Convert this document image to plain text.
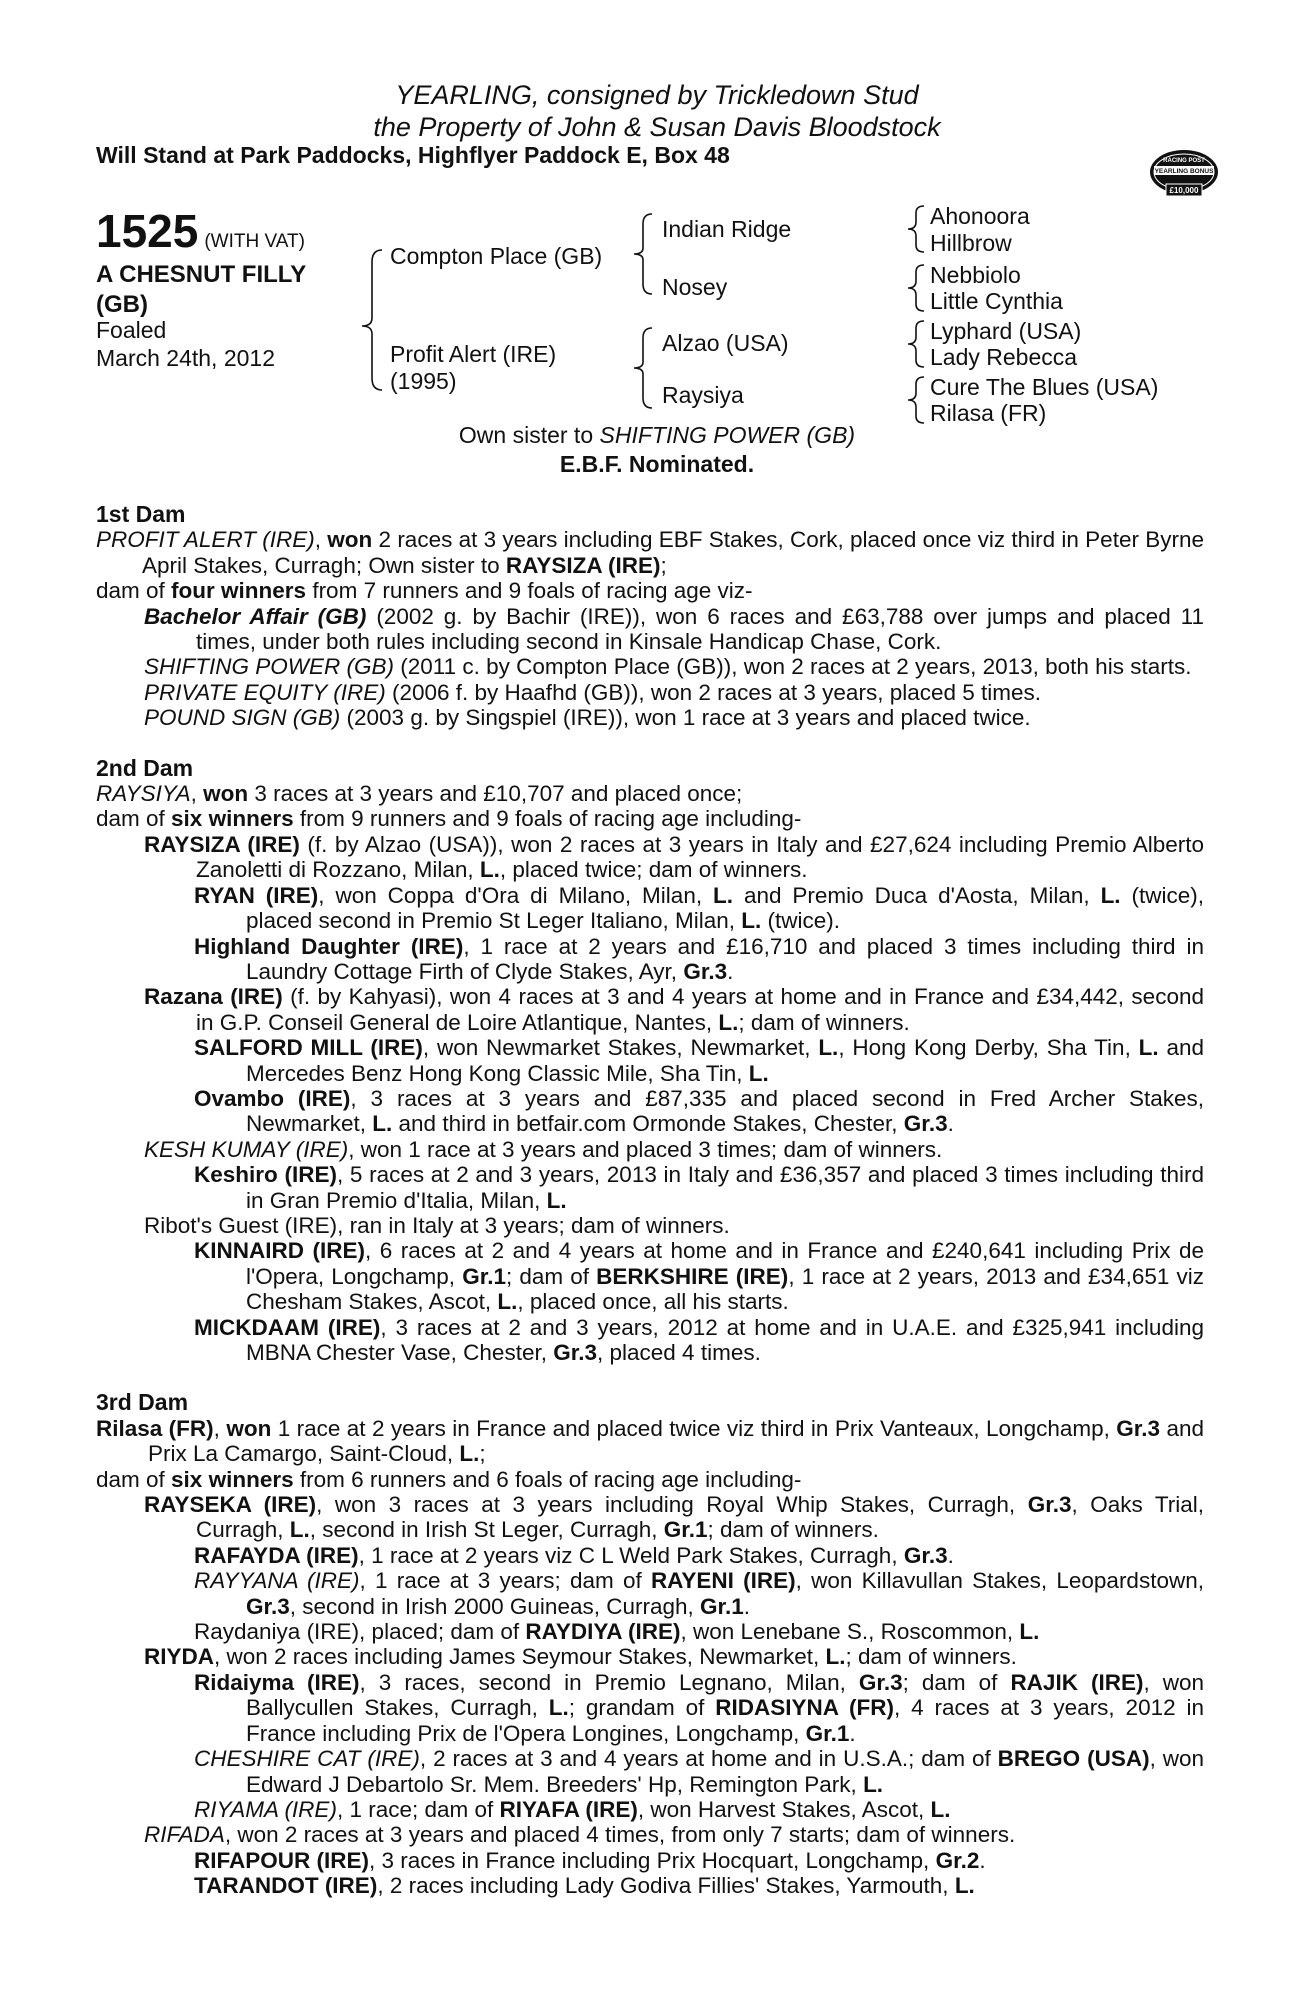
YEARLING, consigned by Trickledown Stud
the Property of John & Susan Davis Bloodstock
Will Stand at Park Paddocks, Highflyer Paddock E, Box 48	RACING POST
YEARLING BONUS
£10,000
1525 (WITH VAT)
A CHESNUT FILLY
(GB)
Foaled
March 24th, 2012
Compton Place (GB)
Profit Alert (IRE)
(1995)
Indian Ridge
Nosey
Alzao (USA)
Raysiya
Ahonoora
Hillbrow
Nebbiolo
Little Cynthia
Lyphard (USA)
Lady Rebecca
Cure The Blues (USA)
Rilasa (FR)
Own sister to SHIFTING POWER (GB)
E.B.F. Nominated.
1st Dam

PROFIT ALERT (IRE), won 2 races at 3 years including EBF Stakes, Cork, placed once viz third in Peter Byrne April Stakes, Curragh; Own sister to RAYSIZA (IRE);

dam of four winners from 7 runners and 9 foals of racing age viz-

Bachelor Affair (GB) (2002 g. by Bachir (IRE)), won 6 races and £63,788 over jumps and placed 11 times, under both rules including second in Kinsale Handicap Chase, Cork.

SHIFTING POWER (GB) (2011 c. by Compton Place (GB)), won 2 races at 2 years, 2013, both his starts.

PRIVATE EQUITY (IRE) (2006 f. by Haafhd (GB)), won 2 races at 3 years, placed 5 times.

POUND SIGN (GB) (2003 g. by Singspiel (IRE)), won 1 race at 3 years and placed twice.

2nd Dam

RAYSIYA, won 3 races at 3 years and £10,707 and placed once;

dam of six winners from 9 runners and 9 foals of racing age including-

RAYSIZA (IRE) (f. by Alzao (USA)), won 2 races at 3 years in Italy and £27,624 including Premio Alberto Zanoletti di Rozzano, Milan, L., placed twice; dam of winners.

RYAN (IRE), won Coppa d'Ora di Milano, Milan, L. and Premio Duca d'Aosta, Milan, L. (twice), placed second in Premio St Leger Italiano, Milan, L. (twice).

Highland Daughter (IRE), 1 race at 2 years and £16,710 and placed 3 times including third in Laundry Cottage Firth of Clyde Stakes, Ayr, Gr.3.

Razana (IRE) (f. by Kahyasi), won 4 races at 3 and 4 years at home and in France and £34,442, second in G.P. Conseil General de Loire Atlantique, Nantes, L.; dam of winners.

SALFORD MILL (IRE), won Newmarket Stakes, Newmarket, L., Hong Kong Derby, Sha Tin, L. and Mercedes Benz Hong Kong Classic Mile, Sha Tin, L.

Ovambo (IRE), 3 races at 3 years and £87,335 and placed second in Fred Archer Stakes, Newmarket, L. and third in betfair.com Ormonde Stakes, Chester, Gr.3.

KESH KUMAY (IRE), won 1 race at 3 years and placed 3 times; dam of winners.

Keshiro (IRE), 5 races at 2 and 3 years, 2013 in Italy and £36,357 and placed 3 times including third in Gran Premio d'Italia, Milan, L.

Ribot's Guest (IRE), ran in Italy at 3 years; dam of winners.

KINNAIRD (IRE), 6 races at 2 and 4 years at home and in France and £240,641 including Prix de l'Opera, Longchamp, Gr.1; dam of BERKSHIRE (IRE), 1 race at 2 years, 2013 and £34,651 viz Chesham Stakes, Ascot, L., placed once, all his starts.

MICKDAAM (IRE), 3 races at 2 and 3 years, 2012 at home and in U.A.E. and £325,941 including MBNA Chester Vase, Chester, Gr.3, placed 4 times.

3rd Dam

Rilasa (FR), won 1 race at 2 years in France and placed twice viz third in Prix Vanteaux, Longchamp, Gr.3 and Prix La Camargo, Saint-Cloud, L.;

dam of six winners from 6 runners and 6 foals of racing age including-

RAYSEKA (IRE), won 3 races at 3 years including Royal Whip Stakes, Curragh, Gr.3, Oaks Trial, Curragh, L., second in Irish St Leger, Curragh, Gr.1; dam of winners.

RAFAYDA (IRE), 1 race at 2 years viz C L Weld Park Stakes, Curragh, Gr.3.

RAYYANA (IRE), 1 race at 3 years; dam of RAYENI (IRE), won Killavullan Stakes, Leopardstown, Gr.3, second in Irish 2000 Guineas, Curragh, Gr.1.

Raydaniya (IRE), placed; dam of RAYDIYA (IRE), won Lenebane S., Roscommon, L.

RIYDA, won 2 races including James Seymour Stakes, Newmarket, L.; dam of winners.

Ridaiyma (IRE), 3 races, second in Premio Legnano, Milan, Gr.3; dam of RAJIK (IRE), won Ballycullen Stakes, Curragh, L.; grandam of RIDASIYNA (FR), 4 races at 3 years, 2012 in France including Prix de l'Opera Longines, Longchamp, Gr.1.

CHESHIRE CAT (IRE), 2 races at 3 and 4 years at home and in U.S.A.; dam of BREGO (USA), won Edward J Debartolo Sr. Mem. Breeders' Hp, Remington Park, L.

RIYAMA (IRE), 1 race; dam of RIYAFA (IRE), won Harvest Stakes, Ascot, L.

RIFADA, won 2 races at 3 years and placed 4 times, from only 7 starts; dam of winners.

RIFAPOUR (IRE), 3 races in France including Prix Hocquart, Longchamp, Gr.2.

TARANDOT (IRE), 2 races including Lady Godiva Fillies' Stakes, Yarmouth, L.
